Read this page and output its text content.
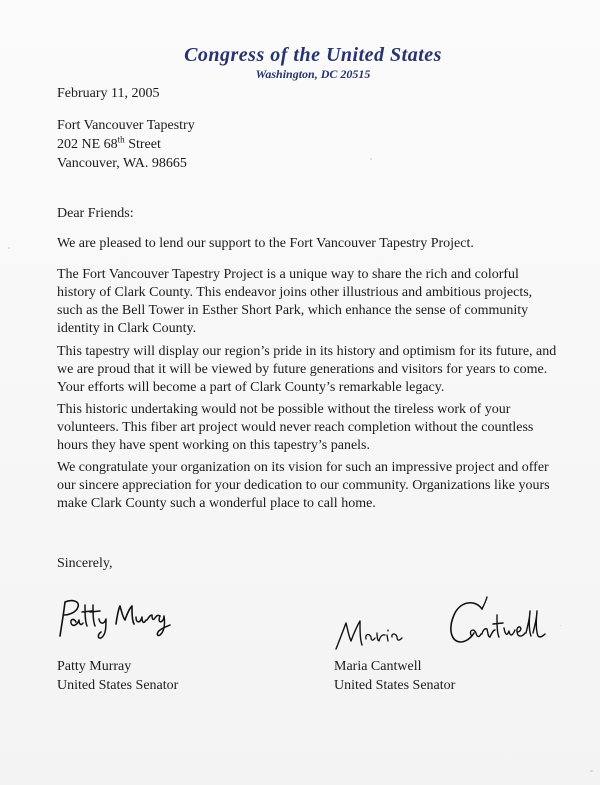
Congress of the United States
Washington, DC 20515
February 11, 2005
Fort Vancouver Tapestry
202 NE 68th Street
Vancouver, WA. 98665
Dear Friends:
We are pleased to lend our support to the Fort Vancouver Tapestry Project.
The Fort Vancouver Tapestry Project is a unique way to share the rich and colorful
history of Clark County. This endeavor joins other illustrious and ambitious projects,
such as the Bell Tower in Esther Short Park, which enhance the sense of community
identity in Clark County.
This tapestry will display our region’s pride in its history and optimism for its future, and
we are proud that it will be viewed by future generations and visitors for years to come.
Your efforts will become a part of Clark County’s remarkable legacy.
This historic undertaking would not be possible without the tireless work of your
volunteers. This fiber art project would never reach completion without the countless
hours they have spent working on this tapestry’s panels.
We congratulate your organization on its vision for such an impressive project and offer
our sincere appreciation for your dedication to our community. Organizations like yours
make Clark County such a wonderful place to call home.
Sincerely,
Patty Murray
United States Senator
Maria Cantwell
United States Senator
